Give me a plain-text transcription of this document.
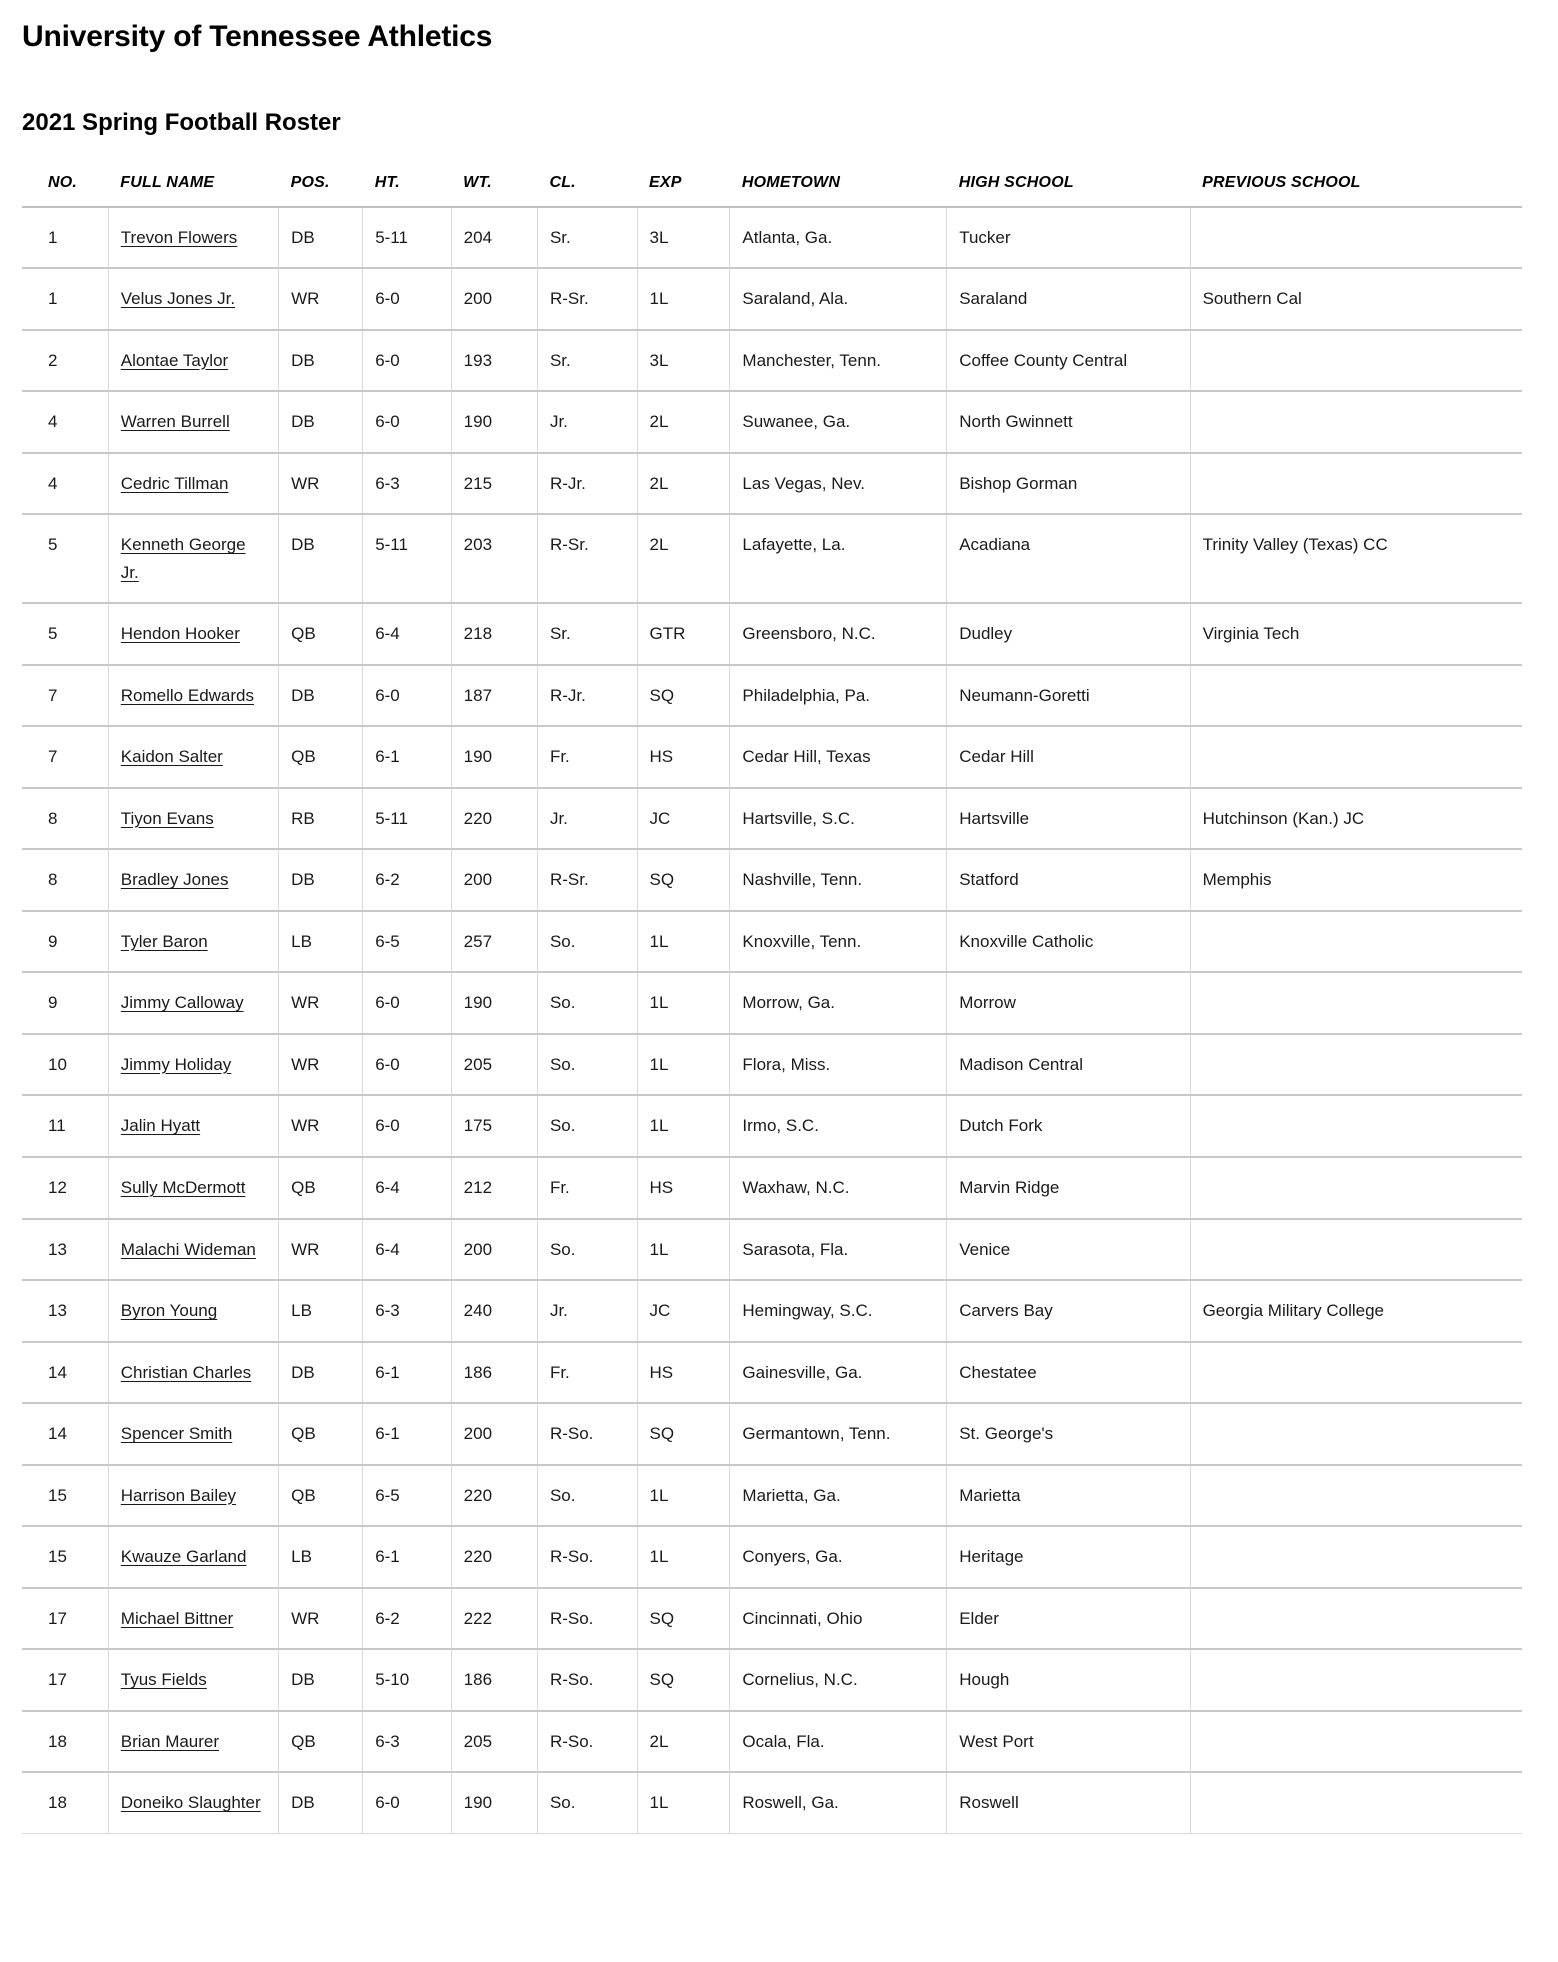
University of Tennessee Athletics
2021 Spring Football Roster
NO.	FULL NAME	POS.	HT.	WT.	CL.	EXP	HOMETOWN	HIGH SCHOOL	PREVIOUS SCHOOL
1	Trevon Flowers	DB	5-11	204	Sr.	3L	Atlanta, Ga.	Tucker	
1	Velus Jones Jr.	WR	6-0	200	R-Sr.	1L	Saraland, Ala.	Saraland	Southern Cal
2	Alontae Taylor	DB	6-0	193	Sr.	3L	Manchester, Tenn.	Coffee County Central	
4	Warren Burrell	DB	6-0	190	Jr.	2L	Suwanee, Ga.	North Gwinnett	
4	Cedric Tillman	WR	6-3	215	R-Jr.	2L	Las Vegas, Nev.	Bishop Gorman	
5	Kenneth George Jr.	DB	5-11	203	R-Sr.	2L	Lafayette, La.	Acadiana	Trinity Valley (Texas) CC
5	Hendon Hooker	QB	6-4	218	Sr.	GTR	Greensboro, N.C.	Dudley	Virginia Tech
7	Romello Edwards	DB	6-0	187	R-Jr.	SQ	Philadelphia, Pa.	Neumann-Goretti	
7	Kaidon Salter	QB	6-1	190	Fr.	HS	Cedar Hill, Texas	Cedar Hill	
8	Tiyon Evans	RB	5-11	220	Jr.	JC	Hartsville, S.C.	Hartsville	Hutchinson (Kan.) JC
8	Bradley Jones	DB	6-2	200	R-Sr.	SQ	Nashville, Tenn.	Statford	Memphis
9	Tyler Baron	LB	6-5	257	So.	1L	Knoxville, Tenn.	Knoxville Catholic	
9	Jimmy Calloway	WR	6-0	190	So.	1L	Morrow, Ga.	Morrow	
10	Jimmy Holiday	WR	6-0	205	So.	1L	Flora, Miss.	Madison Central	
11	Jalin Hyatt	WR	6-0	175	So.	1L	Irmo, S.C.	Dutch Fork	
12	Sully McDermott	QB	6-4	212	Fr.	HS	Waxhaw, N.C.	Marvin Ridge	
13	Malachi Wideman	WR	6-4	200	So.	1L	Sarasota, Fla.	Venice	
13	Byron Young	LB	6-3	240	Jr.	JC	Hemingway, S.C.	Carvers Bay	Georgia Military College
14	Christian Charles	DB	6-1	186	Fr.	HS	Gainesville, Ga.	Chestatee	
14	Spencer Smith	QB	6-1	200	R-So.	SQ	Germantown, Tenn.	St. George's	
15	Harrison Bailey	QB	6-5	220	So.	1L	Marietta, Ga.	Marietta	
15	Kwauze Garland	LB	6-1	220	R-So.	1L	Conyers, Ga.	Heritage	
17	Michael Bittner	WR	6-2	222	R-So.	SQ	Cincinnati, Ohio	Elder	
17	Tyus Fields	DB	5-10	186	R-So.	SQ	Cornelius, N.C.	Hough	
18	Brian Maurer	QB	6-3	205	R-So.	2L	Ocala, Fla.	West Port	
18	Doneiko Slaughter	DB	6-0	190	So.	1L	Roswell, Ga.	Roswell	
